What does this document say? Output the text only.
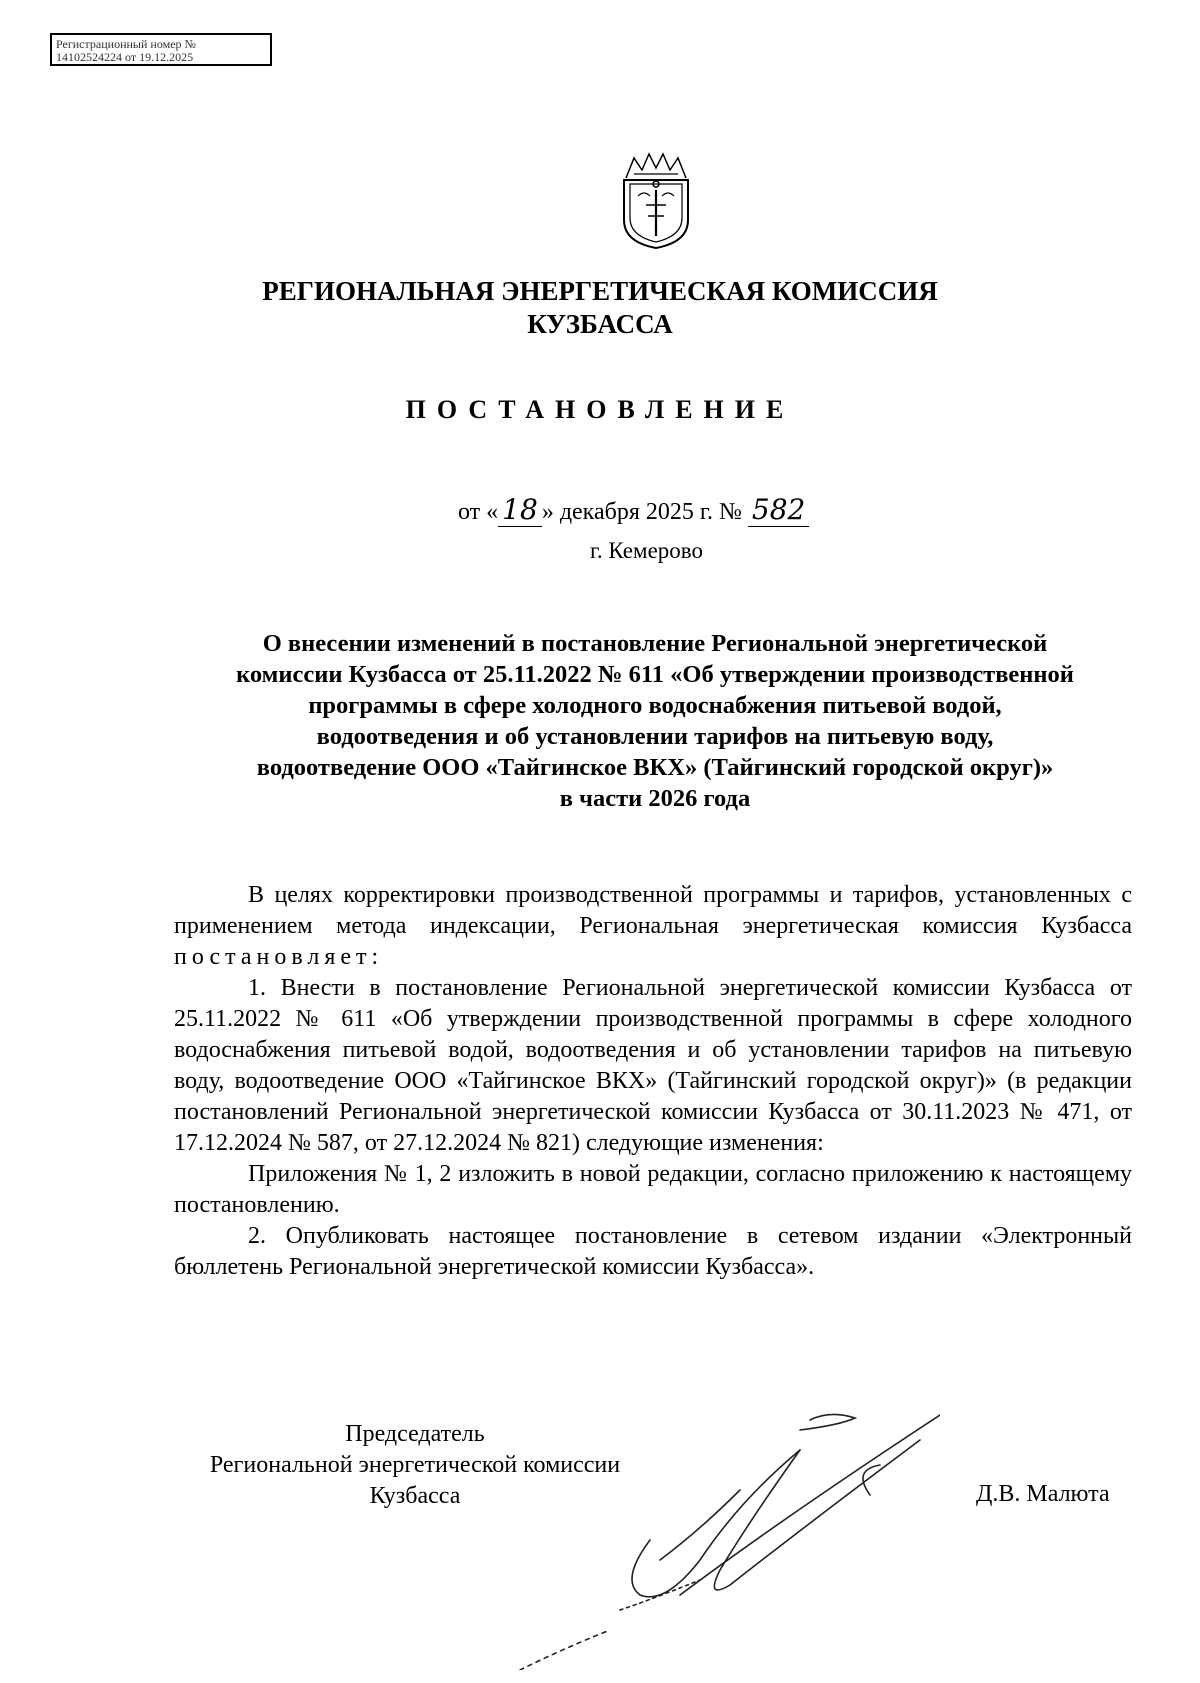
Регистрационный номер №
14102524224 от 19.12.2025
РЕГИОНАЛЬНАЯ ЭНЕРГЕТИЧЕСКАЯ КОМИССИЯ
КУЗБАССА
ПОСТАНОВЛЕНИЕ
от « 18 » декабря 2025 г. № 582
г. Кемерово
О внесении изменений в постановление Региональной энергетической
комиссии Кузбасса от 25.11.2022 № 611 «Об утверждении производственной
программы в сфере холодного водоснабжения питьевой водой,
водоотведения и об установлении тарифов на питьевую воду,
водоотведение ООО «Тайгинское ВКХ» (Тайгинский городской округ)»
в части 2026 года

В целях корректировки производственной программы и тарифов, установленных с применением метода индексации, Региональная энергетическая комиссия Кузбасса постановляет:

1. Внести в постановление Региональной энергетической комиссии Кузбасса от 25.11.2022 № 611 «Об утверждении производственной программы в сфере холодного водоснабжения питьевой водой, водоотведения и об установлении тарифов на питьевую воду, водоотведение ООО «Тайгинское ВКХ» (Тайгинский городской округ)» (в редакции постановлений Региональной энергетической комиссии Кузбасса от 30.11.2023 № 471, от 17.12.2024 № 587, от 27.12.2024 № 821) следующие изменения:

Приложения № 1, 2 изложить в новой редакции, согласно приложению к настоящему постановлению.

2. Опубликовать настоящее постановление в сетевом издании «Электронный бюллетень Региональной энергетической комиссии Кузбасса».

Председатель
Региональной энергетической комиссии
Кузбасса	Д.В. Малюта
